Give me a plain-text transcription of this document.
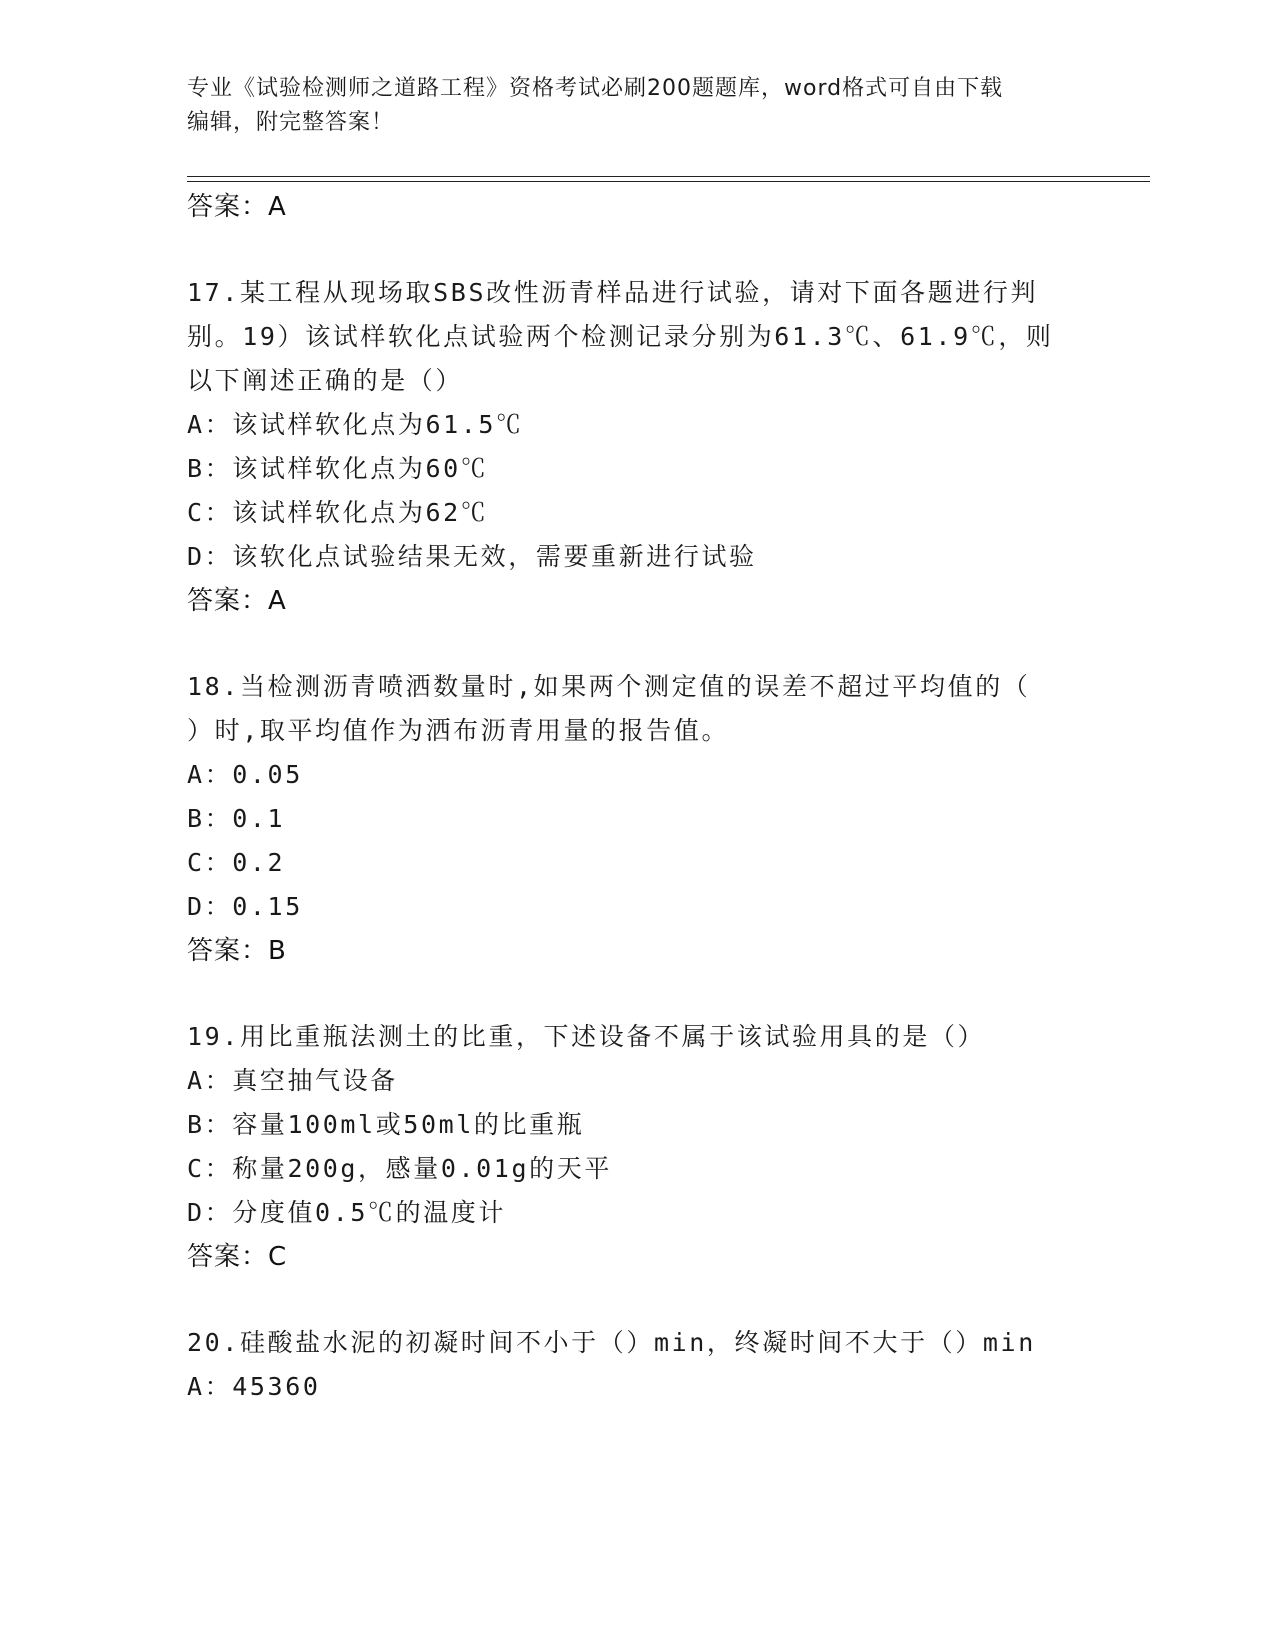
专业《试验检测师之道路工程》资格考试必刷200题题库，word格式可自由下载
编辑，附完整答案！
答案：A
17.某工程从现场取SBS改性沥青样品进行试验，请对下面各题进行判
别。19）该试样软化点试验两个检测记录分别为61.3℃、61.9℃，则
以下阐述正确的是（）
A：该试样软化点为61.5℃
B：该试样软化点为60℃
C：该试样软化点为62℃
D：该软化点试验结果无效，需要重新进行试验
答案：A
18.当检测沥青喷洒数量时,如果两个测定值的误差不超过平均值的（
）时,取平均值作为洒布沥青用量的报告值。
A：0.05
B：0.1
C：0.2
D：0.15
答案：B
19.用比重瓶法测土的比重，下述设备不属于该试验用具的是（）
A：真空抽气设备
B：容量100ml或50ml的比重瓶
C：称量200g，感量0.01g的天平
D：分度值0.5℃的温度计
答案：C
20.硅酸盐水泥的初凝时间不小于（）min，终凝时间不大于（）min
A：45360
